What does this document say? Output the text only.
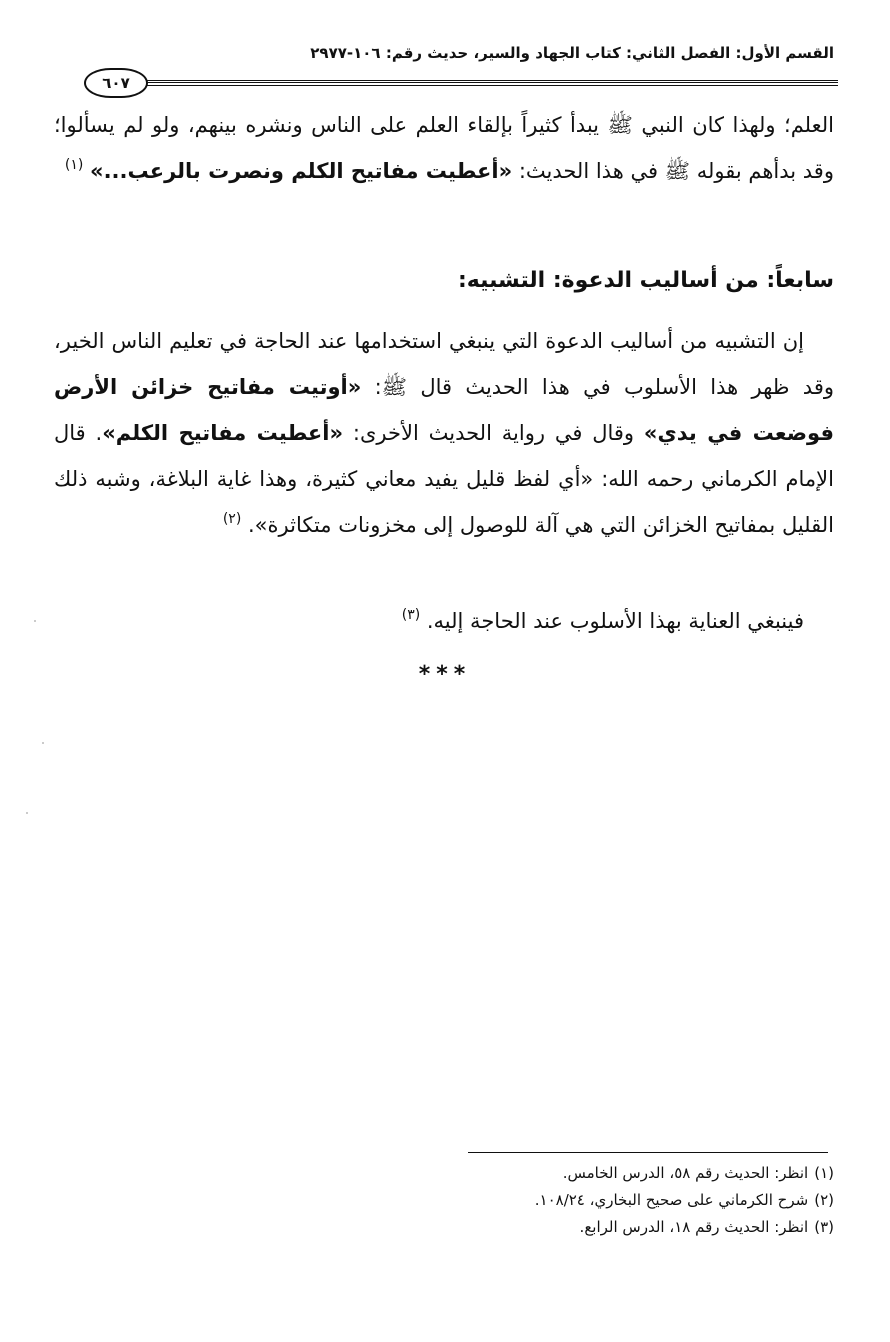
القسم الأول: الفصل الثاني: كتاب الجهاد والسير، حديث رقم: ١٠٦-٢٩٧٧
٦٠٧
العلم؛ ولهذا كان النبي ﷺ يبدأ كثيراً بإلقاء العلم على الناس ونشره بينهم، ولو لم يسألوا؛ وقد بدأهم بقوله ﷺ في هذا الحديث: «أعطيت مفاتيح الكلم ونصرت بالرعب...» $^{(١)}$
سابعاً: من أساليب الدعوة: التشبيه:
إن التشبيه من أساليب الدعوة التي ينبغي استخدامها عند الحاجة في تعليم الناس الخير، وقد ظهر هذا الأسلوب في هذا الحديث قال ﷺ: «أوتيت مفاتيح خزائن الأرض فوضعت في يدي» وقال في رواية الحديث الأخرى: «أعطيت مفاتيح الكلم». قال الإمام الكرماني رحمه الله: «أي لفظ قليل يفيد معاني كثيرة، وهذا غاية البلاغة، وشبه ذلك القليل بمفاتيح الخزائن التي هي آلة للوصول إلى مخزونات متكاثرة». $^{(٢)}$
فينبغي العناية بهذا الأسلوب عند الحاجة إليه. $^{(٣)}$
***
(١)انظر: الحديث رقم ٥٨، الدرس الخامس.
(٢)شرح الكرماني على صحيح البخاري، ١٠٨/٢٤.
(٣)انظر: الحديث رقم ١٨، الدرس الرابع.
